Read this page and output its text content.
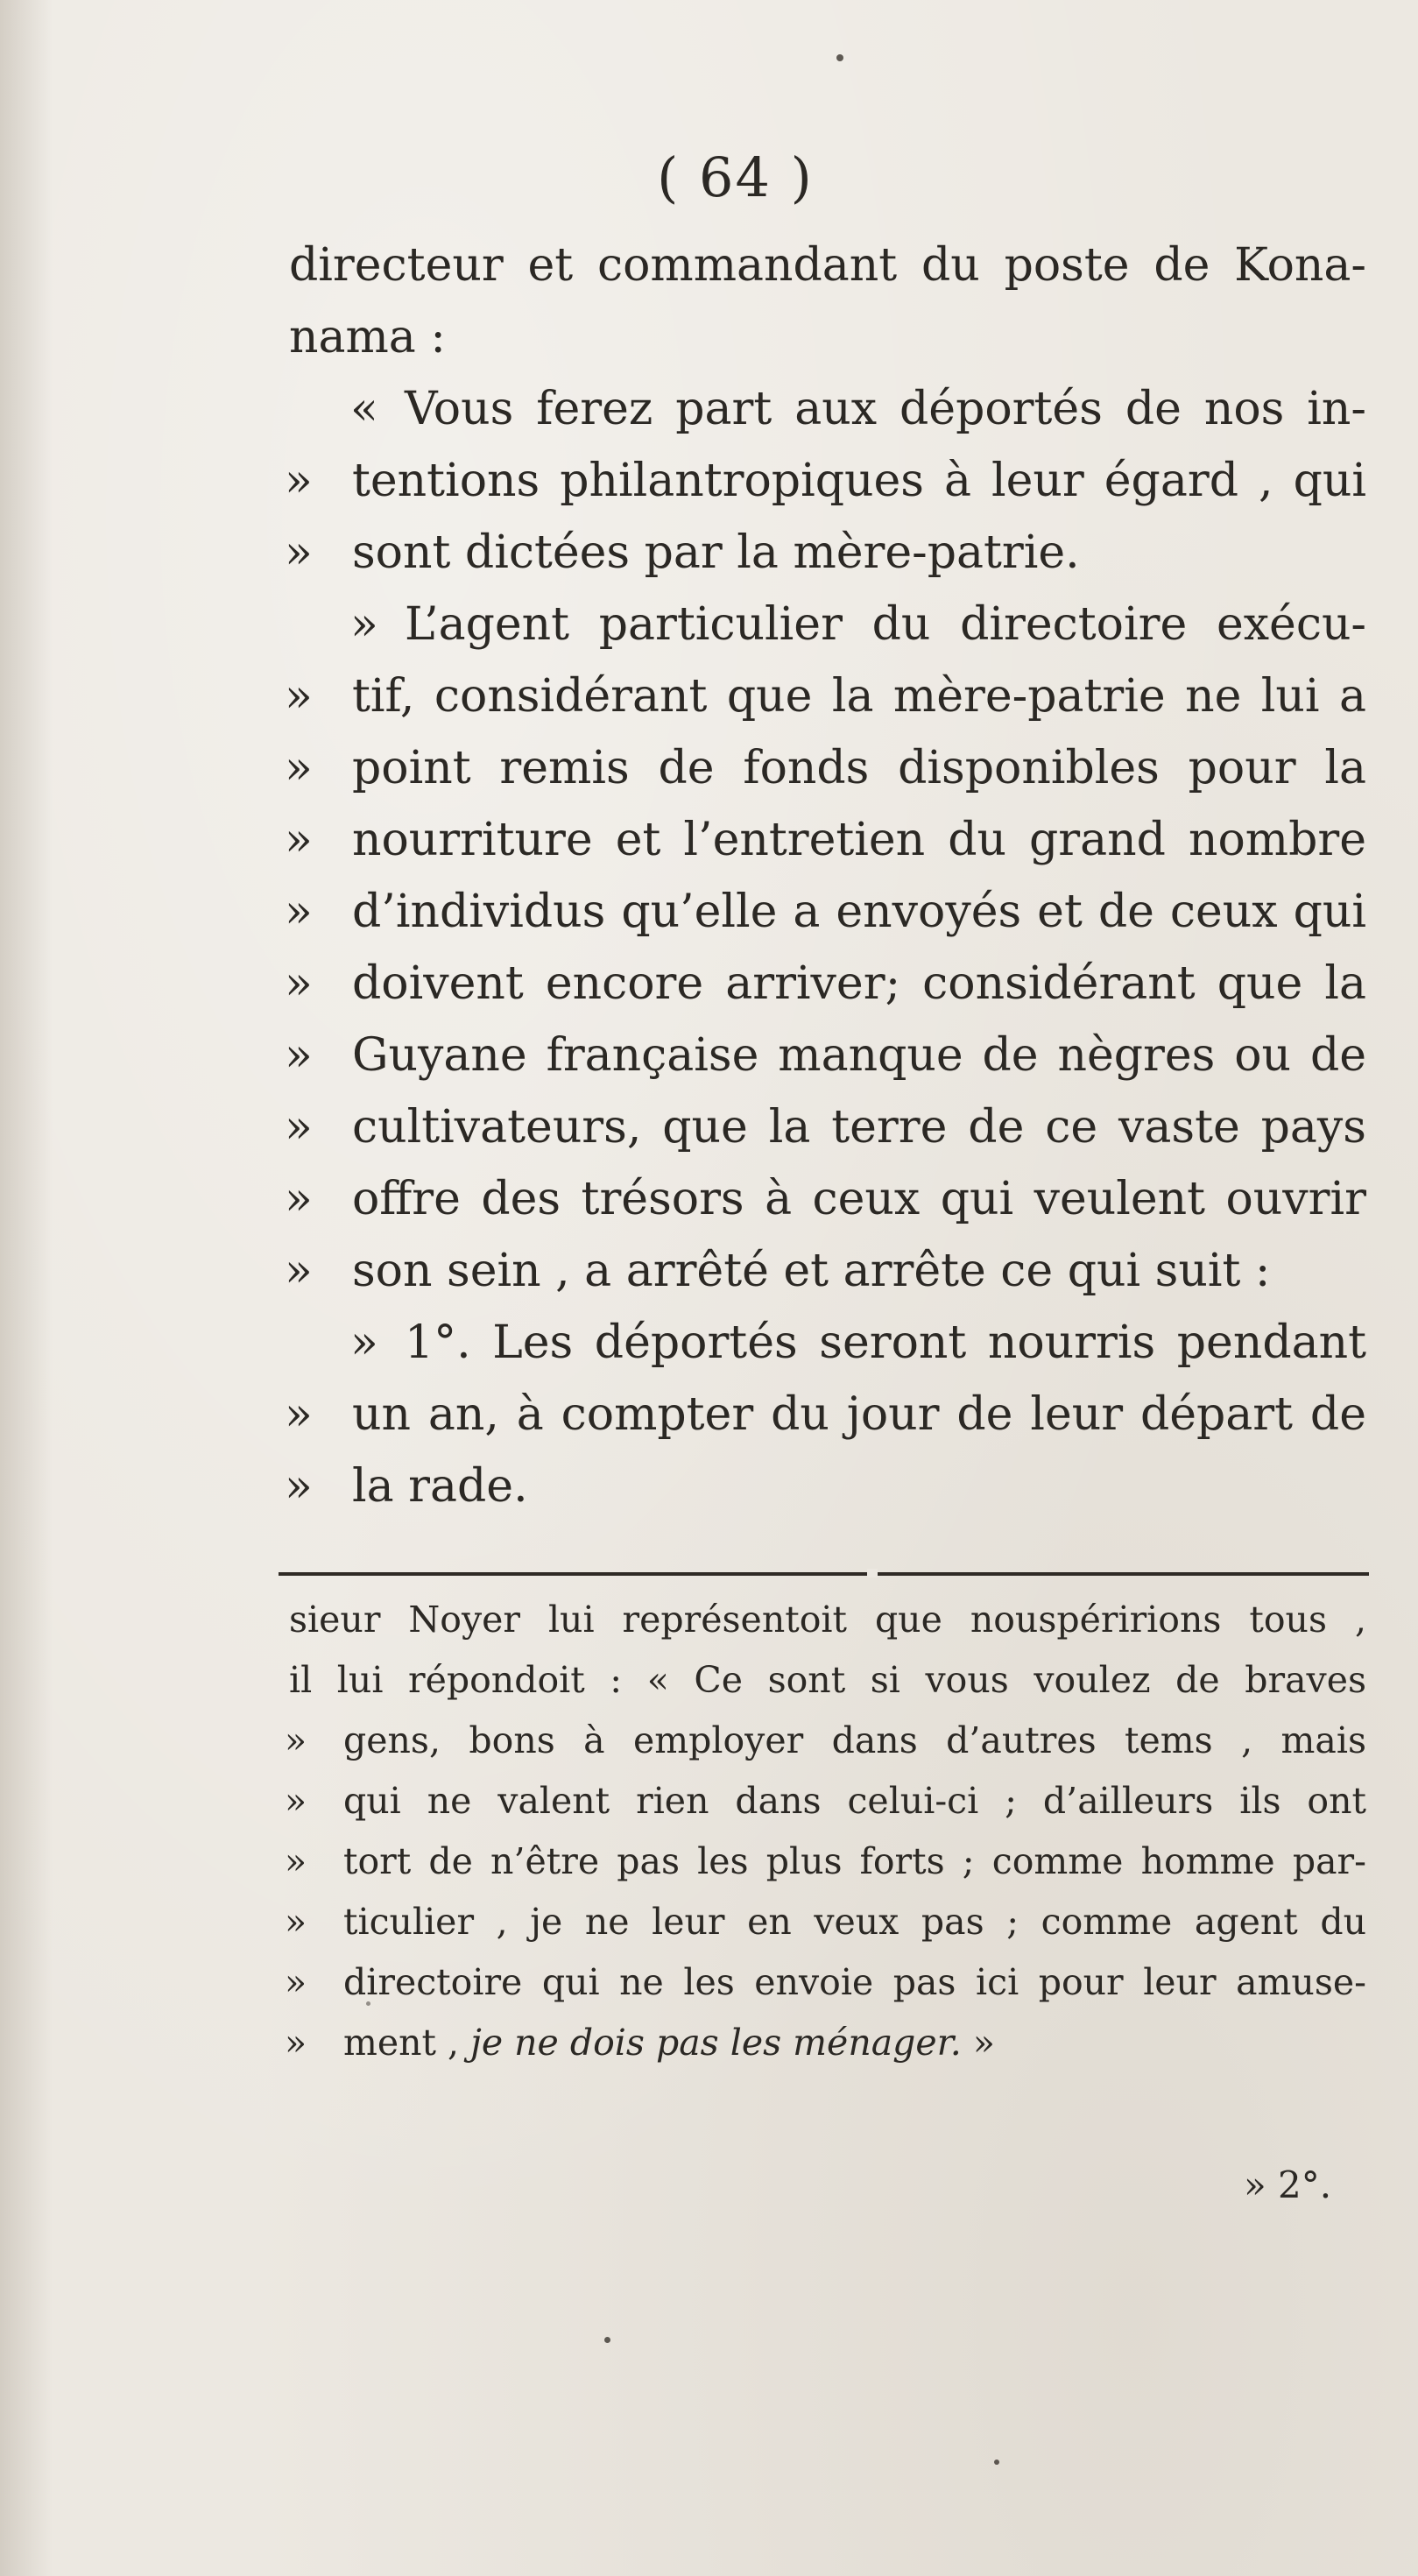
( 64 )
directeur et commandant du poste de Kona-
nama :
« Vous ferez part aux déportés de nos in-
» tentions philantropiques à leur égard , qui
» sont dictées par la mère-patrie.
» L’agent particulier du directoire exécu-
» tif, considérant que la mère-patrie ne lui a
» point remis de fonds disponibles pour la
» nourriture et l’entretien du grand nombre
» d’individus qu’elle a envoyés et de ceux qui
» doivent encore arriver; considérant que la
» Guyane française manque de nègres ou de
» cultivateurs, que la terre de ce vaste pays
» offre des trésors à ceux qui veulent ouvrir
» son sein , a arrêté et arrête ce qui suit :
» 1°. Les déportés seront nourris pendant
» un an, à compter du jour de leur départ de
» la rade.
sieur Noyer lui représentoit que nouspéririons tous ,
il lui répondoit : « Ce sont si vous voulez de braves
»	gens, bons à employer dans d’autres tems , mais
»	qui ne valent rien dans celui-ci ; d’ailleurs ils ont
»	tort de n’être pas les plus forts ; comme homme par-
»	ticulier , je ne leur en veux pas ; comme agent du
»	directoire qui ne les envoie pas ici pour leur amuse-
»	ment , je ne dois pas les ménager. »
» 2°.
